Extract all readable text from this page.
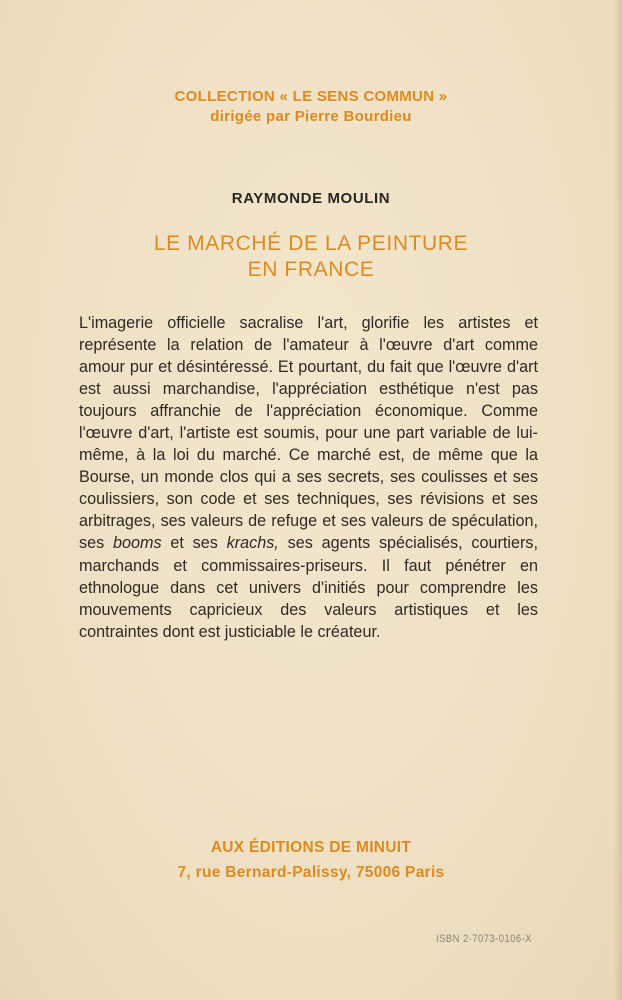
COLLECTION « LE SENS COMMUN »
dirigée par Pierre Bourdieu
RAYMONDE MOULIN
LE MARCHÉ DE LA PEINTURE
EN FRANCE
L'imagerie officielle sacralise l'art, glorifie les artistes et représente la relation de l'amateur à l'œuvre d'art comme amour pur et désintéressé. Et pourtant, du fait que l'œuvre d'art est aussi marchandise, l'appréciation esthétique n'est pas toujours affranchie de l'appréciation économique. Comme l'œuvre d'art, l'artiste est soumis, pour une part variable de lui-même, à la loi du marché. Ce marché est, de même que la Bourse, un monde clos qui a ses secrets, ses coulisses et ses coulissiers, son code et ses techniques, ses révisions et ses arbitrages, ses valeurs de refuge et ses valeurs de spéculation, ses booms et ses krachs, ses agents spécialisés, courtiers, marchands et commissaires-priseurs. Il faut pénétrer en ethnologue dans cet univers d'initiés pour comprendre les mouvements capricieux des valeurs artistiques et les contraintes dont est justiciable le créateur.
AUX ÉDITIONS DE MINUIT
7, rue Bernard-Palissy, 75006 Paris
ISBN 2-7073-0106-X
